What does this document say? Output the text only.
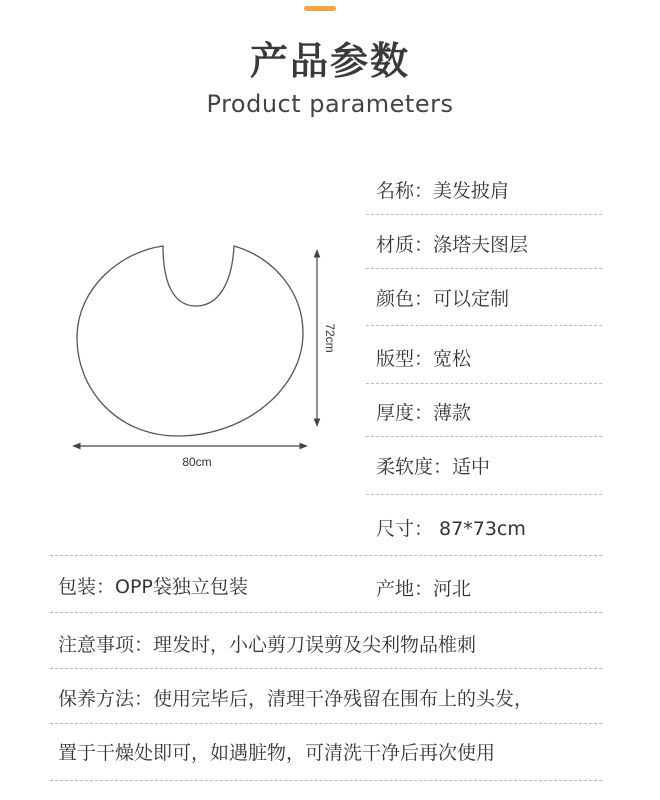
产品参数
Product parameters
80cm
72cm
名称：美发披肩
材质：涤塔夫图层
颜色：可以定制
版型：宽松
厚度：薄款
柔软度：适中
尺寸： 87*73cm
包装：OPP袋独立包装	产地：河北
注意事项：理发时，小心剪刀误剪及尖利物品椎刺
保养方法：使用完毕后，清理干净残留在围布上的头发，
置于干燥处即可，如遇脏物，可清洗干净后再次使用
